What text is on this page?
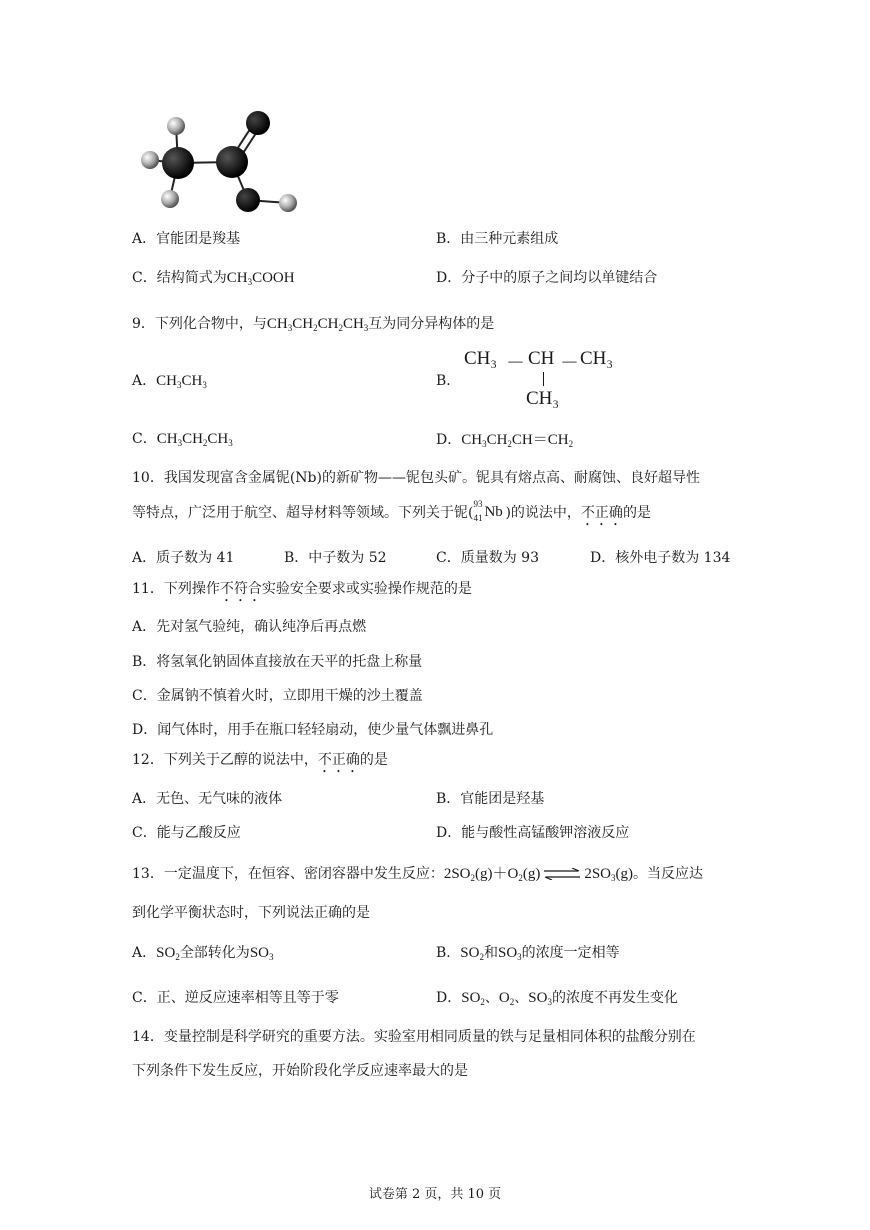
A．官能团是羧基	B．由三种元素组成
C．结构简式为$CH_3COOH$	D．分子中的原子之间均以单键结合
9．下列化合物中，与$CH_3CH_2CH_2CH_3$互为同分异构体的是
A．$CH_3CH_3$	B．
CH₃ － CH － CH₃
CH₃
C．$CH_3CH_2CH_3$	D．$CH_3CH_2CH=CH_2$
10．我国发现富含金属铌(Nb)的新矿物——铌包头矿。铌具有熔点高、耐腐蚀、良好超导性
等特点，广泛用于航空、超导材料等领域。下列关于铌(
93
41 Nb )的说法中，不正确的是
A．质子数为 41	B．中子数为 52	C．质量数为 93	D．核外电子数为 134
11．下列操作不符合实验安全要求或实验操作规范的是
A．先对氢气验纯，确认纯净后再点燃
B．将氢氧化钠固体直接放在天平的托盘上称量
C．金属钠不慎着火时，立即用干燥的沙土覆盖
D．闻气体时，用手在瓶口轻轻扇动，使少量气体飘进鼻孔
12．下列关于乙醇的说法中，不正确的是
A．无色、无气味的液体	B．官能团是羟基
C．能与乙酸反应	D．能与酸性高锰酸钾溶液反应
13．一定温度下，在恒容、密闭容器中发生反应：$2SO_2(g)+O_2(g)$ ⇌ $2SO_3(g)$。当反应达
到化学平衡状态时，下列说法正确的是
A．$SO_2$全部转化为$SO_3$	B．$SO_2$和$SO_3$的浓度一定相等
C．正、逆反应速率相等且等于零	D．$SO_2$、$O_2$、$SO_3$的浓度不再发生变化
14．变量控制是科学研究的重要方法。实验室用相同质量的铁与足量相同体积的盐酸分别在
下列条件下发生反应，开始阶段化学反应速率最大的是
试卷第 2 页，共 10 页
